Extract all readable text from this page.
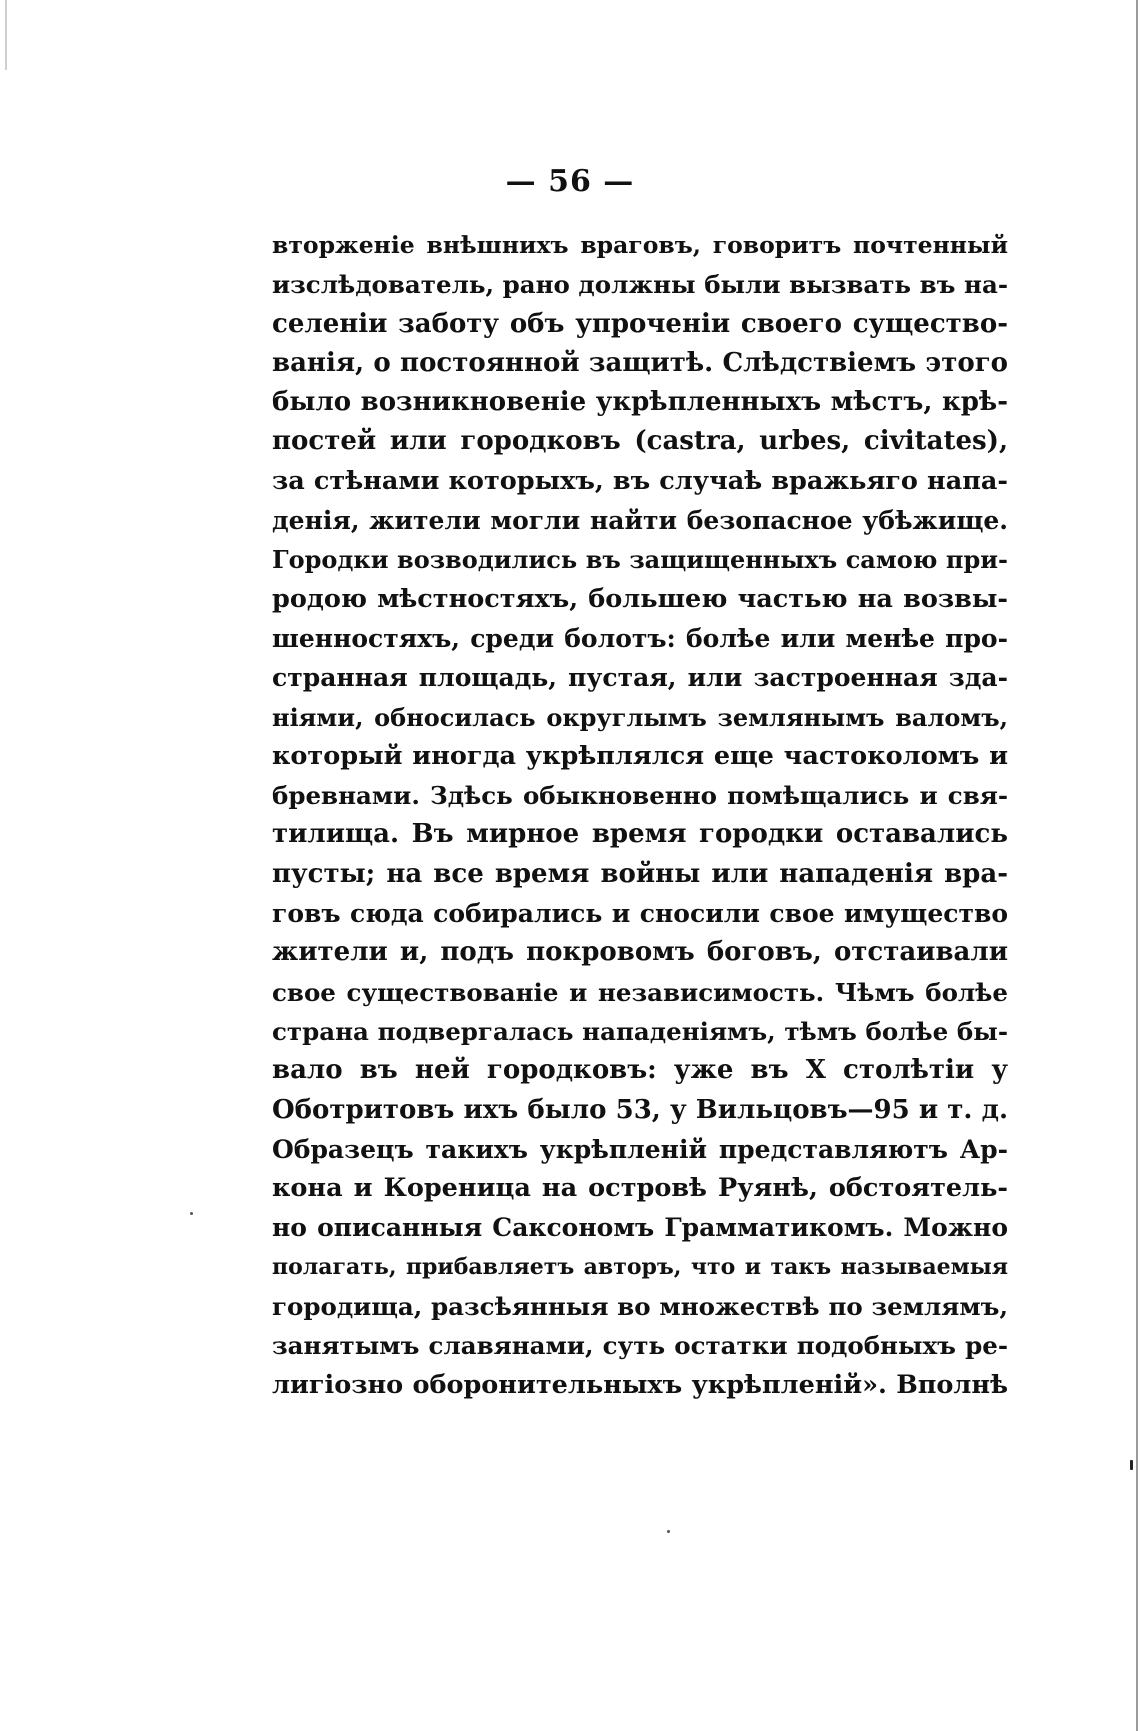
— 56 —
вторженіе внѣшнихъ враговъ, говоритъ почтенный
изслѣдователь, рано должны были вызвать въ на-
селеніи заботу объ упроченіи своего существо-
ванія, о постоянной защитѣ. Слѣдствіемъ этого
было возникновеніе укрѣпленныхъ мѣстъ, крѣ-
постей или городковъ (castra, urbes, civitates),
за стѣнами которыхъ, въ случаѣ вражьяго напа-
денія, жители могли найти безопасное убѣжище.
Городки возводились въ защищенныхъ самою при-
родою мѣстностяхъ, большею частью на возвы-
шенностяхъ, среди болотъ: болѣе или менѣе про-
странная площадь, пустая, или застроенная зда-
ніями, обносилась округлымъ землянымъ валомъ,
который иногда укрѣплялся еще частоколомъ и
бревнами. Здѣсь обыкновенно помѣщались и свя-
тилища. Въ мирное время городки оставались
пусты; на все время войны или нападенія вра-
говъ сюда собирались и сносили свое имущество
жители и, подъ покровомъ боговъ, отстаивали
свое существованіе и независимость. Чѣмъ болѣе
страна подвергалась нападеніямъ, тѣмъ болѣе бы-
вало въ ней городковъ: уже въ X столѣтіи у
Оботритовъ ихъ было 53, у Вильцовъ—95 и т. д.
Образецъ такихъ укрѣпленій представляютъ Ар-
кона и Кореница на островѣ Руянѣ, обстоятель-
но описанныя Саксономъ Грамматикомъ. Можно
полагать, прибавляетъ авторъ, что и такъ называемыя
городища, разсѣянныя во множествѣ по землямъ,
занятымъ славянами, суть остатки подобныхъ ре-
лигіозно оборонительныхъ укрѣпленій». Вполнѣ
